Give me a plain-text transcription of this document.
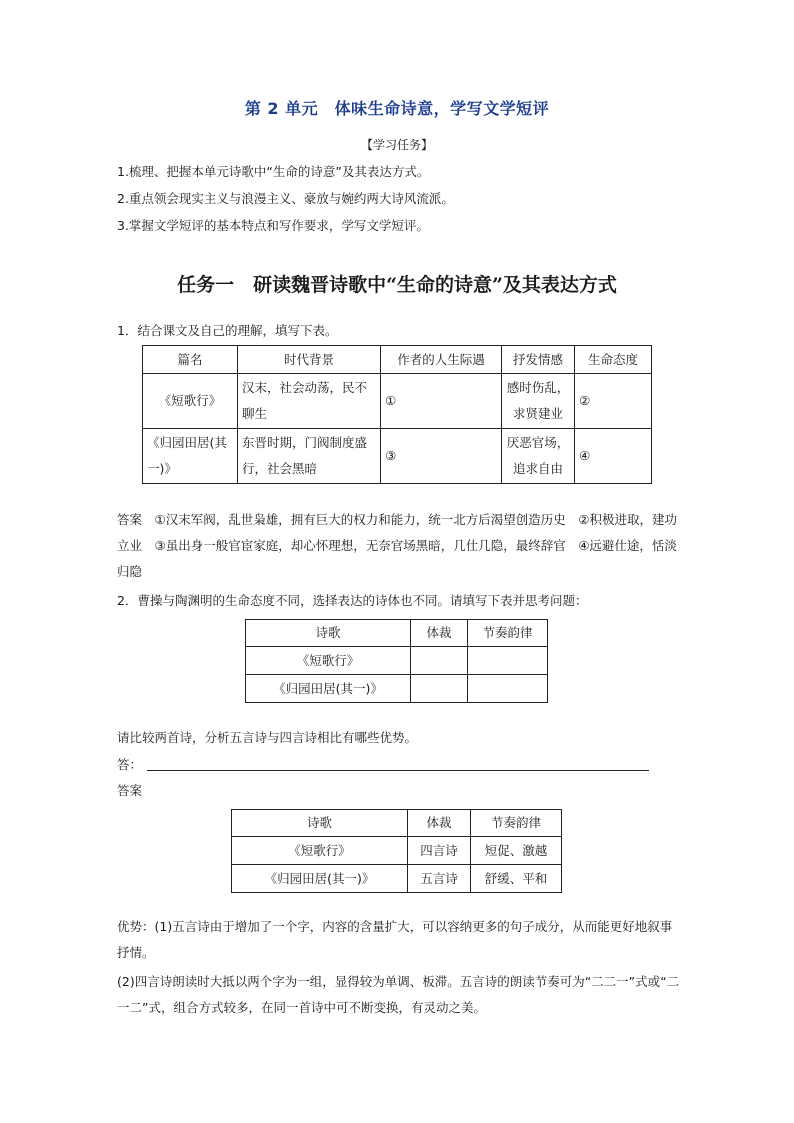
第 2 单元　体味生命诗意，学写文学短评
【学习任务】
1.梳理、把握本单元诗歌中“生命的诗意”及其表达方式。
2.重点领会现实主义与浪漫主义、豪放与婉约两大诗风流派。
3.掌握文学短评的基本特点和写作要求，学写文学短评。
任务一　研读魏晋诗歌中“生命的诗意”及其表达方式
1．结合课文及自己的理解，填写下表。
篇名	时代背景	作者的人生际遇	抒发情感	生命态度
《短歌行》	汉末，社会动荡，民不聊生	①	感时伤乱，求贤建业	②
《归园田居(其一)》	东晋时期，门阀制度盛行，社会黑暗	③	厌恶官场，追求自由	④
答案　 ①汉末军阀，乱世枭雄，拥有巨大的权力和能力，统一北方后渴望创造历史　②积极进取，建功立业　③虽出身一般官宦家庭，却心怀理想，无奈官场黑暗，几仕几隐，最终辞官　④远避仕途，恬淡归隐
2．曹操与陶渊明的生命态度不同，选择表达的诗体也不同。请填写下表并思考问题：
诗歌	体裁	节奏韵律
《短歌行》		
《归园田居(其一)》		
请比较两首诗，分析五言诗与四言诗相比有哪些优势。
答：
答案
诗歌	体裁	节奏韵律
《短歌行》	四言诗	短促、激越
《归园田居(其一)》	五言诗	舒缓、平和
优势：(1)五言诗由于增加了一个字，内容的含量扩大，可以容纳更多的句子成分，从而能更好地叙事抒情。
(2)四言诗朗读时大抵以两个字为一组，显得较为单调、板滞。五言诗的朗读节奏可为“二二一”式或“二一二”式，组合方式较多，在同一首诗中可不断变换，有灵动之美。
